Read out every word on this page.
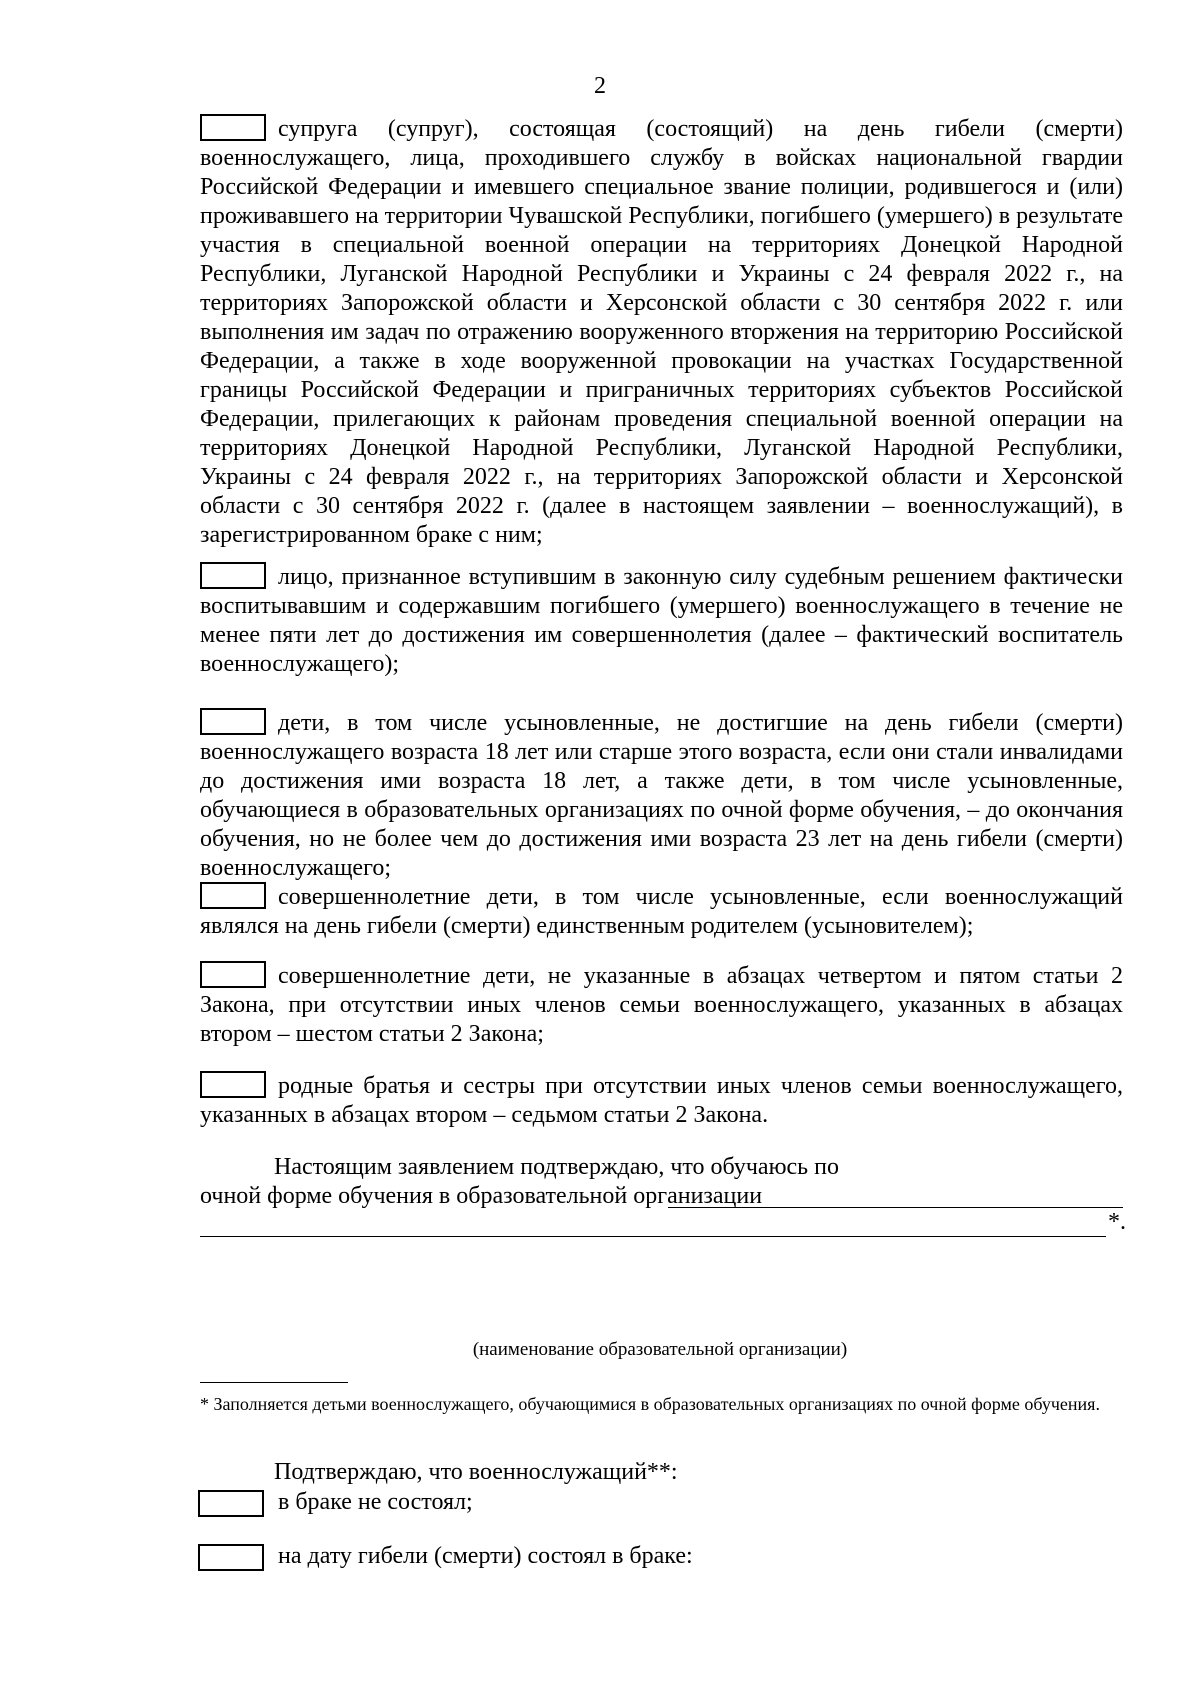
2
супруга (супруг), состоящая (состоящий) на день гибели (смерти) военнослужащего, лица, проходившего службу в войсках национальной гвардии Российской Федерации и имевшего специальное звание полиции, родившегося и (или) проживавшего на территории Чувашской Республики, погибшего (умершего) в результате участия в специальной военной операции на территориях Донецкой Народной Республики, Луганской Народной Республики и Украины с 24 февраля 2022 г., на территориях Запорожской области и Херсонской области с 30 сентября 2022 г. или выполнения им задач по отражению вооруженного вторжения на территорию Российской Федерации, а также в ходе вооруженной провокации на участках Государственной границы Российской Федерации и приграничных территориях субъектов Российской Федерации, прилегающих к районам проведения специальной военной операции на территориях Донецкой Народной Республики, Луганской Народной Республики, Украины с 24 февраля 2022 г., на территориях Запорожской области и Херсонской области с 30 сентября 2022 г. (далее в настоящем заявлении – военнослужащий), в зарегистрированном браке с ним;
лицо, признанное вступившим в законную силу судебным решением фактически воспитывавшим и содержавшим погибшего (умершего) военнослужащего в течение не менее пяти лет до достижения им совершеннолетия (далее – фактический воспитатель военнослужащего);
дети, в том числе усыновленные, не достигшие на день гибели (смерти) военнослужащего возраста 18 лет или старше этого возраста, если они стали инвалидами до достижения ими возраста 18 лет, а также дети, в том числе усыновленные, обучающиеся в образовательных организациях по очной форме обучения, – до окончания обучения, но не более чем до достижения ими возраста 23 лет на день гибели (смерти) военнослужащего;
совершеннолетние дети, в том числе усыновленные, если военнослужащий являлся на день гибели (смерти) единственным родителем (усыновителем);
совершеннолетние дети, не указанные в абзацах четвертом и пятом статьи 2 Закона, при отсутствии иных членов семьи военнослужащего, указанных в абзацах втором – шестом статьи 2 Закона;
родные братья и сестры при отсутствии иных членов семьи военнослужащего, указанных в абзацах втором – седьмом статьи 2 Закона.
Настоящим заявлением подтверждаю, что обучаюсь по очной форме обучения в образовательной организации
*.
(наименование образовательной организации)
* Заполняется детьми военнослужащего, обучающимися в образовательных организациях по очной форме обучения.
Подтверждаю, что военнослужащий**:
в браке не состоял;
на дату гибели (смерти) состоял в браке:
